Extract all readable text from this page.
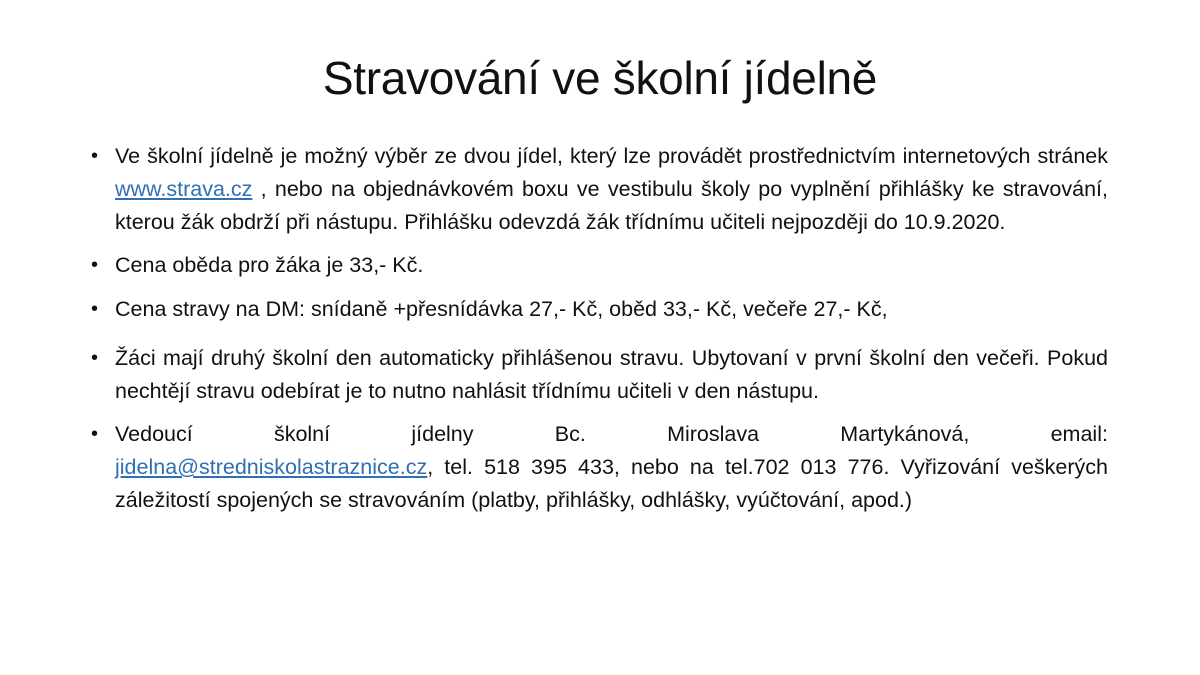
Stravování ve školní jídelně
• Ve školní jídelně je možný výběr ze dvou jídel, který lze provádět prostřednictvím internetových stránek www.strava.cz , nebo na objednávkovém boxu ve vestibulu školy po vyplnění přihlášky ke stravování, kterou žák obdrží při nástupu. Přihlášku odevzdá žák třídnímu učiteli nejpozději do 10.9.2020.
• Cena oběda pro žáka je 33,- Kč.
• Cena stravy na DM: snídaně +přesnídávka 27,- Kč, oběd 33,- Kč, večeře 27,- Kč,
• Žáci mají druhý školní den automaticky přihlášenou stravu. Ubytovaní v první školní den večeři. Pokud nechtějí stravu odebírat je to nutno nahlásit třídnímu učiteli v den nástupu.
• Vedoucí	školní	jídelny	Bc.	Miroslava	Martykánová,	email:
jidelna@stredniskolastraznice.cz, tel. 518 395 433, nebo na tel.702 013 776. Vyřizování veškerých záležitostí spojených se stravováním (platby, přihlášky, odhlášky, vyúčtování, apod.)
